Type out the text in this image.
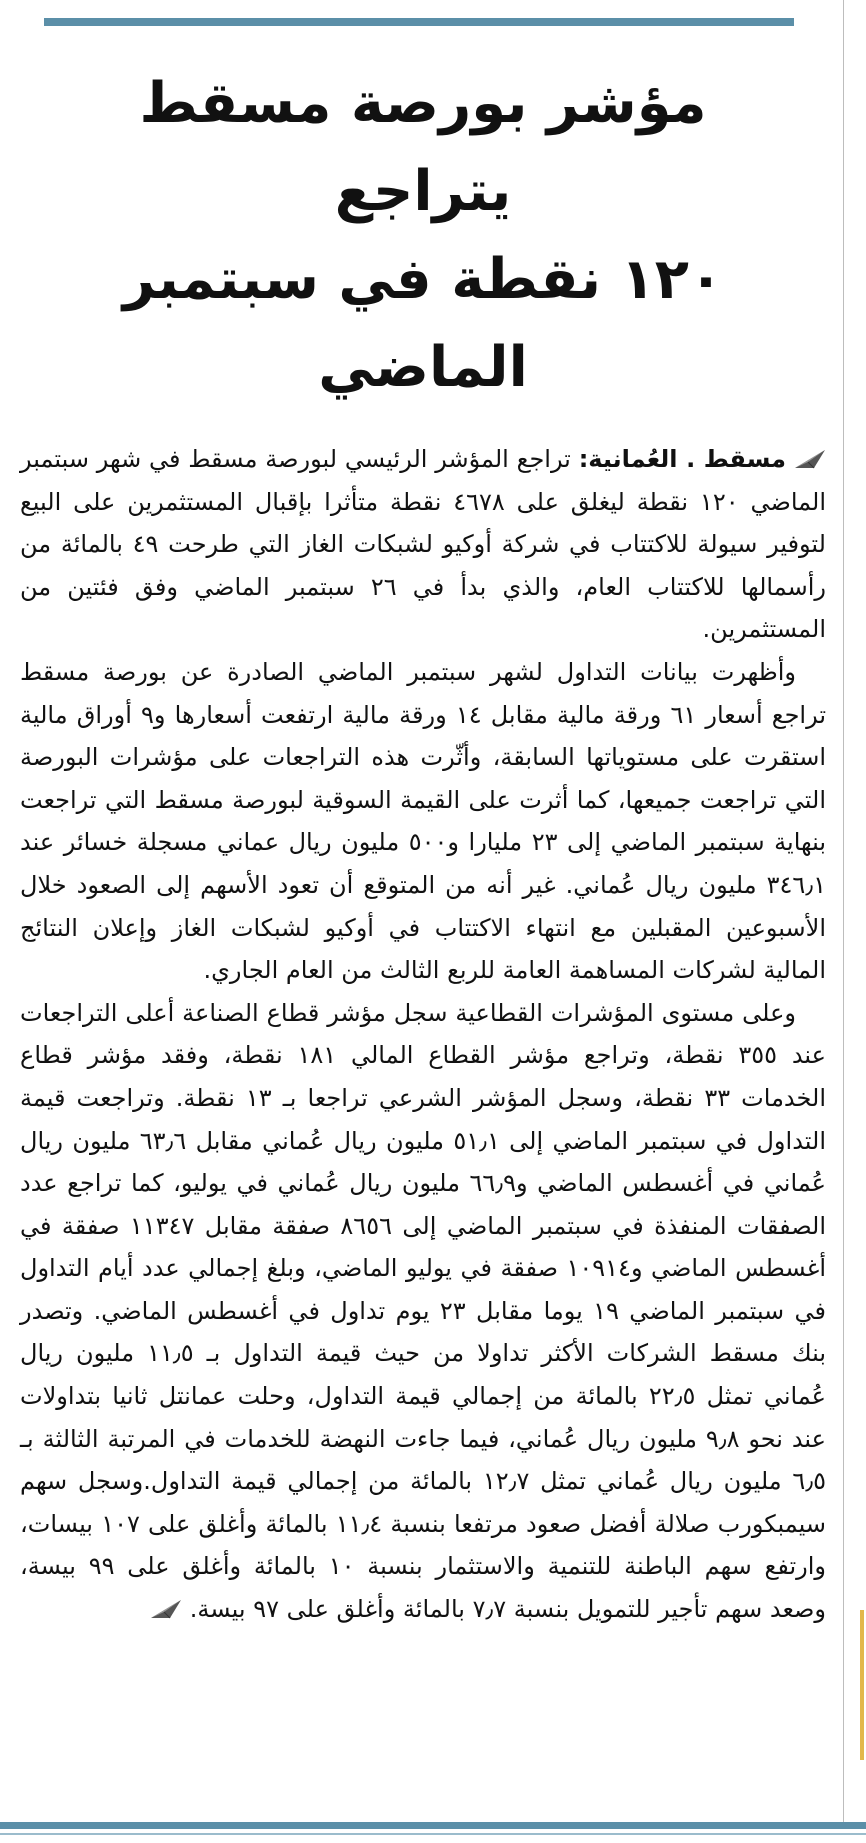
مؤشر بورصة مسقط يتراجع
١٢٠ نقطة في سبتمبر الماضي

مسقط . العُمانية: تراجع المؤشر الرئيسي لبورصة مسقط في شهر سبتمبر الماضي ١٢٠ نقطة ليغلق على ٤٦٧٨ نقطة متأثرا بإقبال المستثمرين على البيع لتوفير سيولة للاكتتاب في شركة أوكيو لشبكات الغاز التي طرحت ٤٩ بالمائة من رأسمالها للاكتتاب العام، والذي بدأ في ٢٦ سبتمبر الماضي وفق فئتين من المستثمرين.

وأظهرت بيانات التداول لشهر سبتمبر الماضي الصادرة عن بورصة مسقط تراجع أسعار ٦١ ورقة مالية مقابل ١٤ ورقة مالية ارتفعت أسعارها و٩ أوراق مالية استقرت على مستوياتها السابقة، وأثّرت هذه التراجعات على مؤشرات البورصة التي تراجعت جميعها، كما أثرت على القيمة السوقية لبورصة مسقط التي تراجعت بنهاية سبتمبر الماضي إلى ٢٣ مليارا و٥٠٠ مليون ريال عماني مسجلة خسائر عند ٣٤٦٫١ مليون ريال عُماني. غير أنه من المتوقع أن تعود الأسهم إلى الصعود خلال الأسبوعين المقبلين مع انتهاء الاكتتاب في أوكيو لشبكات الغاز وإعلان النتائج المالية لشركات المساهمة العامة للربع الثالث من العام الجاري.

وعلى مستوى المؤشرات القطاعية سجل مؤشر قطاع الصناعة أعلى التراجعات عند ٣٥٥ نقطة، وتراجع مؤشر القطاع المالي ١٨١ نقطة، وفقد مؤشر قطاع الخدمات ٣٣ نقطة، وسجل المؤشر الشرعي تراجعا بـ ١٣ نقطة. وتراجعت قيمة التداول في سبتمبر الماضي إلى ٥١٫١ مليون ريال عُماني مقابل ٦٣٫٦ مليون ريال عُماني في أغسطس الماضي و٦٦٫٩ مليون ريال عُماني في يوليو، كما تراجع عدد الصفقات المنفذة في سبتمبر الماضي إلى ٨٦٥٦ صفقة مقابل ١١٣٤٧ صفقة في أغسطس الماضي و١٠٩١٤ صفقة في يوليو الماضي، وبلغ إجمالي عدد أيام التداول في سبتمبر الماضي ١٩ يوما مقابل ٢٣ يوم تداول في أغسطس الماضي. وتصدر بنك مسقط الشركات الأكثر تداولا من حيث قيمة التداول بـ ١١٫٥ مليون ريال عُماني تمثل ٢٢٫٥ بالمائة من إجمالي قيمة التداول، وحلت عمانتل ثانيا بتداولات عند نحو ٩٫٨ مليون ريال عُماني، فيما جاءت النهضة للخدمات في المرتبة الثالثة بـ ٦٫٥ مليون ريال عُماني تمثل ١٢٫٧ بالمائة من إجمالي قيمة التداول.وسجل سهم سيمبكورب صلالة أفضل صعود مرتفعا بنسبة ١١٫٤ بالمائة وأغلق على ١٠٧ بيسات، وارتفع سهم الباطنة للتنمية والاستثمار بنسبة ١٠ بالمائة وأغلق على ٩٩ بيسة، وصعد سهم تأجير للتمويل بنسبة ٧٫٧ بالمائة وأغلق على ٩٧ بيسة.
